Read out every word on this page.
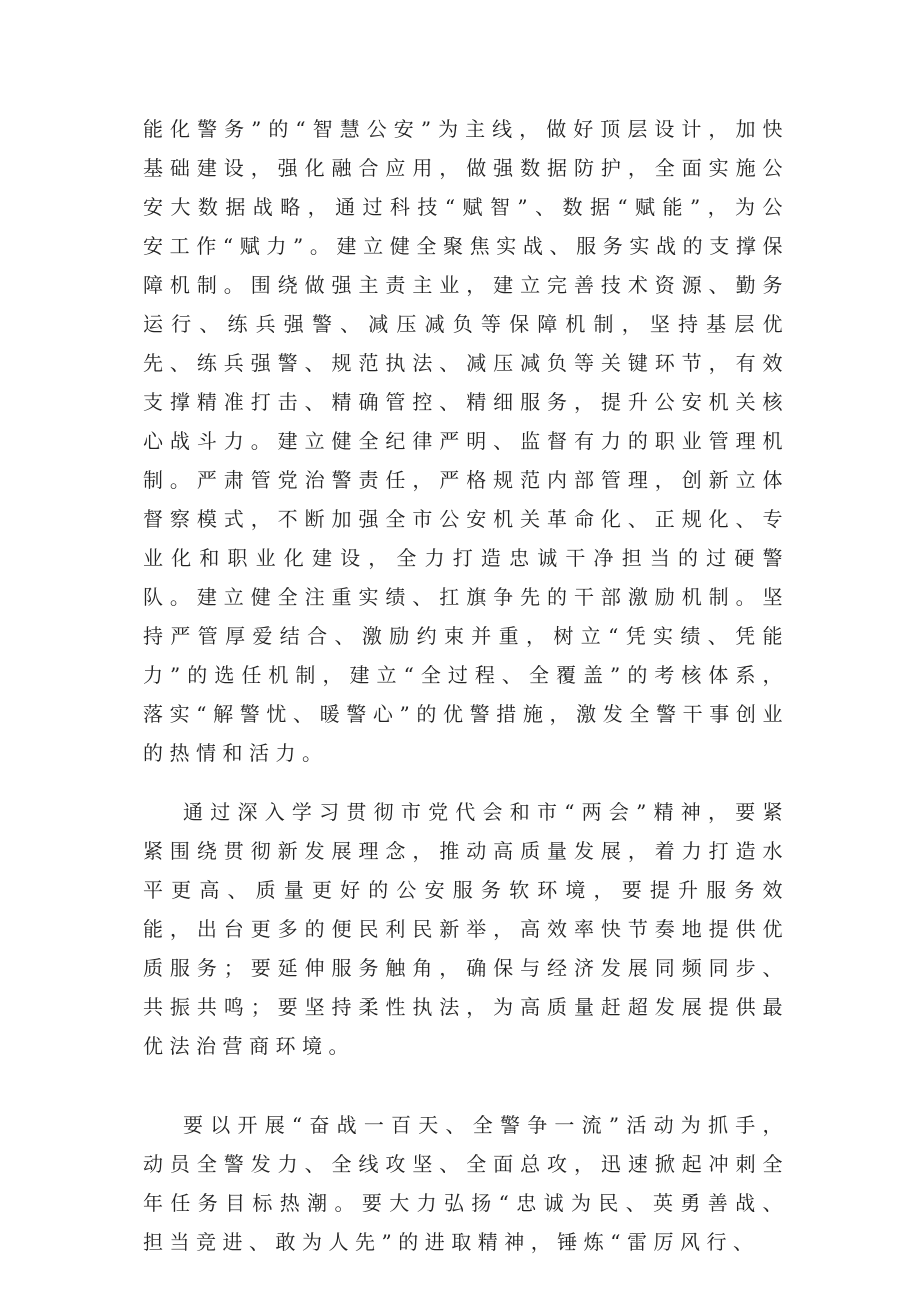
能化警务”的“智慧公安”为主线，做好顶层设计，加快基础建设，强化融合应用，做强数据防护，全面实施公安大数据战略，通过科技“赋智”、数据“赋能”，为公安工作“赋力”。建立健全聚焦实战、服务实战的支撑保障机制。围绕做强主责主业，建立完善技术资源、勤务运行、练兵强警、减压减负等保障机制，坚持基层优先、练兵强警、规范执法、减压减负等关键环节，有效支撑精准打击、精确管控、精细服务，提升公安机关核心战斗力。建立健全纪律严明、监督有力的职业管理机制。严肃管党治警责任，严格规范内部管理，创新立体督察模式，不断加强全市公安机关革命化、正规化、专业化和职业化建设，全力打造忠诚干净担当的过硬警队。建立健全注重实绩、扛旗争先的干部激励机制。坚持严管厚爱结合、激励约束并重，树立“凭实绩、凭能力”的选任机制，建立“全过程、全覆盖”的考核体系，落实“解警忧、暖警心”的优警措施，激发全警干事创业的热情和活力。

通过深入学习贯彻市党代会和市“两会”精神，要紧紧围绕贯彻新发展理念，推动高质量发展，着力打造水平更高、质量更好的公安服务软环境，要提升服务效能，出台更多的便民利民新举，高效率快节奏地提供优质服务；要延伸服务触角，确保与经济发展同频同步、共振共鸣；要坚持柔性执法，为高质量赶超发展提供最优法治营商环境。

要以开展“奋战一百天、全警争一流”活动为抓手，动员全警发力、全线攻坚、全面总攻，迅速掀起冲刺全年任务目标热潮。要大力弘扬“忠诚为民、英勇善战、担当竞进、敢为人先”的进取精神，锤炼“雷厉风行、
